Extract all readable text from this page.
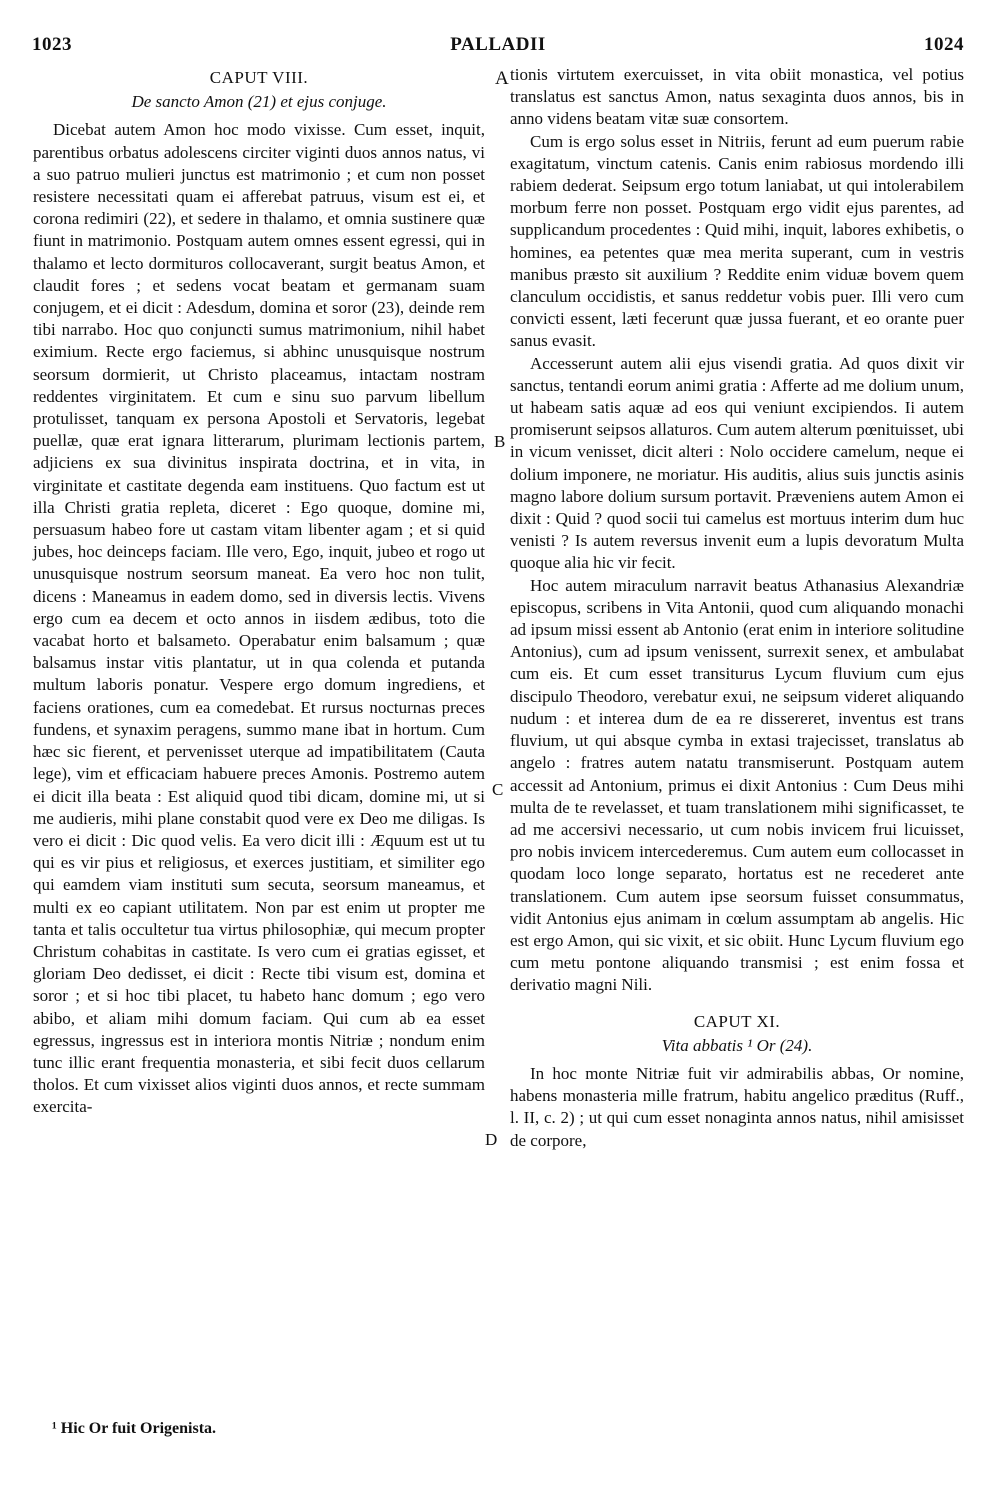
1023	PALLADII	1024
A
B
C
D
CAPUT VIII.
De sancto Amon (21) et ejus conjuge.

Dicebat autem Amon hoc modo vixisse. Cum esset, inquit, parentibus orbatus adolescens circiter viginti duos annos natus, vi a suo patruo mulieri junctus est matrimonio ; et cum non posset resistere necessitati quam ei afferebat patruus, visum est ei, et corona redimiri (22), et sedere in thalamo, et omnia sustinere quæ fiunt in matrimonio. Postquam autem omnes essent egressi, qui in thalamo et lecto dormituros collocaverant, surgit beatus Amon, et claudit fores ; et sedens vocat beatam et germanam suam conjugem, et ei dicit : Adesdum, domina et soror (23), deinde rem tibi narrabo. Hoc quo conjuncti sumus matrimonium, nihil habet eximium. Recte ergo faciemus, si abhinc unusquisque nostrum seorsum dormierit, ut Christo placeamus, intactam nostram reddentes virginitatem. Et cum e sinu suo parvum libellum protulisset, tanquam ex persona Apostoli et Servatoris, legebat puellæ, quæ erat ignara litterarum, plurimam lectionis partem, adjiciens ex sua divinitus inspirata doctrina, et in vita, in virginitate et castitate degenda eam instituens. Quo factum est ut illa Christi gratia repleta, diceret : Ego quoque, domine mi, persuasum habeo fore ut castam vitam libenter agam ; et si quid jubes, hoc deinceps faciam. Ille vero, Ego, inquit, jubeo et rogo ut unusquisque nostrum seorsum maneat. Ea vero hoc non tulit, dicens : Maneamus in eadem domo, sed in diversis lectis. Vivens ergo cum ea decem et octo annos in iisdem ædibus, toto die vacabat horto et balsameto. Operabatur enim balsamum ; quæ balsamus instar vitis plantatur, ut in qua colenda et putanda multum laboris ponatur. Vespere ergo domum ingrediens, et faciens orationes, cum ea comedebat. Et rursus nocturnas preces fundens, et synaxim peragens, summo mane ibat in hortum. Cum hæc sic fierent, et pervenisset uterque ad impatibilitatem (Cauta lege), vim et efficaciam habuere preces Amonis. Postremo autem ei dicit illa beata : Est aliquid quod tibi dicam, domine mi, ut si me audieris, mihi plane constabit quod vere ex Deo me diligas. Is vero ei dicit : Dic quod velis. Ea vero dicit illi : Æquum est ut tu qui es vir pius et religiosus, et exerces justitiam, et similiter ego qui eamdem viam instituti sum secuta, seorsum maneamus, et multi ex eo capiant utilitatem. Non par est enim ut propter me tanta et talis occultetur tua virtus philosophiæ, qui mecum propter Christum cohabitas in castitate. Is vero cum ei gratias egisset, et gloriam Deo dedisset, ei dicit : Recte tibi visum est, domina et soror ; et si hoc tibi placet, tu habeto hanc domum ; ego vero abibo, et aliam mihi domum faciam. Qui cum ab ea esset egressus, ingressus est in interiora montis Nitriæ ; nondum enim tunc illic erant frequentia monasteria, et sibi fecit duos cellarum tholos. Et cum vixisset alios viginti duos annos, et recte summam exercita-

¹ Hic Or fuit Origenista.

tionis virtutem exercuisset, in vita obiit monastica, vel potius translatus est sanctus Amon, natus sexaginta duos annos, bis in anno videns beatam vitæ suæ consortem.

Cum is ergo solus esset in Nitriis, ferunt ad eum puerum rabie exagitatum, vinctum catenis. Canis enim rabiosus mordendo illi rabiem dederat. Seipsum ergo totum laniabat, ut qui intolerabilem morbum ferre non posset. Postquam ergo vidit ejus parentes, ad supplicandum procedentes : Quid mihi, inquit, labores exhibetis, o homines, ea petentes quæ mea merita superant, cum in vestris manibus præsto sit auxilium ? Reddite enim viduæ bovem quem clanculum occidistis, et sanus reddetur vobis puer. Illi vero cum convicti essent, læti fecerunt quæ jussa fuerant, et eo orante puer sanus evasit.

Accesserunt autem alii ejus visendi gratia. Ad quos dixit vir sanctus, tentandi eorum animi gratia : Afferte ad me dolium unum, ut habeam satis aquæ ad eos qui veniunt excipiendos. Ii autem promiserunt seipsos allaturos. Cum autem alterum pœnituisset, ubi in vicum venisset, dicit alteri : Nolo occidere camelum, neque ei dolium imponere, ne moriatur. His auditis, alius suis junctis asinis magno labore dolium sursum portavit. Præveniens autem Amon ei dixit : Quid ? quod socii tui camelus est mortuus interim dum huc venisti ? Is autem reversus invenit eum a lupis devoratum Multa quoque alia hic vir fecit.

Hoc autem miraculum narravit beatus Athanasius Alexandriæ episcopus, scribens in Vita Antonii, quod cum aliquando monachi ad ipsum missi essent ab Antonio (erat enim in interiore solitudine Antonius), cum ad ipsum venissent, surrexit senex, et ambulabat cum eis. Et cum esset transiturus Lycum fluvium cum ejus discipulo Theodoro, verebatur exui, ne seipsum videret aliquando nudum : et interea dum de ea re dissereret, inventus est trans fluvium, ut qui absque cymba in extasi trajecisset, translatus ab angelo : fratres autem natatu transmiserunt. Postquam autem accessit ad Antonium, primus ei dixit Antonius : Cum Deus mihi multa de te revelasset, et tuam translationem mihi significasset, te ad me accersivi necessario, ut cum nobis invicem frui licuisset, pro nobis invicem intercederemus. Cum autem eum collocasset in quodam loco longe separato, hortatus est ne recederet ante translationem. Cum autem ipse seorsum fuisset consummatus, vidit Antonius ejus animam in cœlum assumptam ab angelis. Hic est ergo Amon, qui sic vixit, et sic obiit. Hunc Lycum fluvium ego cum metu pontone aliquando transmisi ; est enim fossa et derivatio magni Nili.

CAPUT XI.
Vita abbatis ¹ Or (24).

In hoc monte Nitriæ fuit vir admirabilis abbas, Or nomine, habens monasteria mille fratrum, habitu angelico præditus (Ruff., l. II, c. 2) ; ut qui cum esset nonaginta annos natus, nihil amisisset de corpore,
